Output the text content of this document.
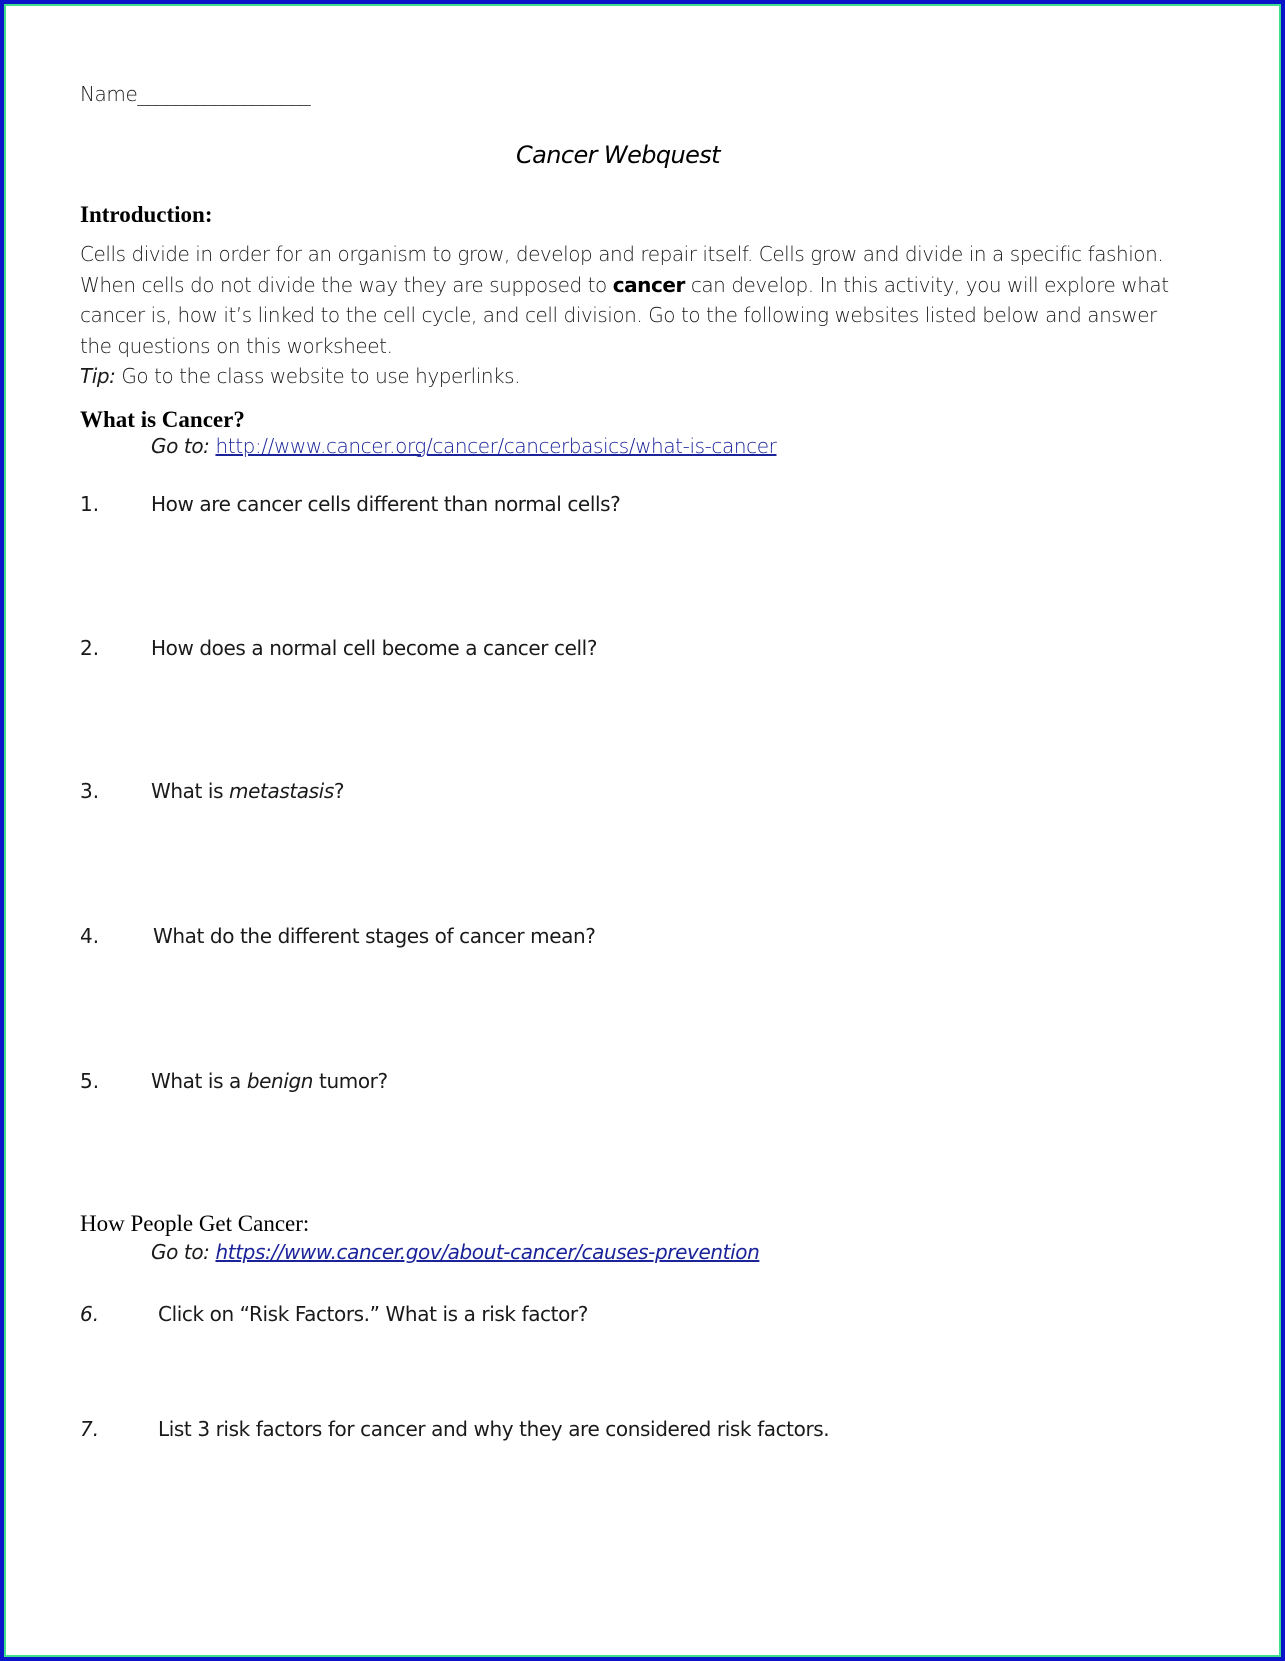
Name__________________
Cancer Webquest
Introduction:
Cells divide in order for an organism to grow, develop and repair itself. Cells grow and divide in a specific fashion. When cells do not divide the way they are supposed to cancer can develop. In this activity, you will explore what cancer is, how it’s linked to the cell cycle, and cell division. Go to the following websites listed below and answer the questions on this worksheet.
Tip: Go to the class website to use hyperlinks.
What is Cancer?
Go to: http://www.cancer.org/cancer/cancerbasics/what-is-cancer
1.	How are cancer cells different than normal cells?
2.	How does a normal cell become a cancer cell?
3.	What is metastasis?
4.	What do the different stages of cancer mean?
5.	What is a benign tumor?
How People Get Cancer:
Go to: https://www.cancer.gov/about-cancer/causes-prevention
6.	Click on “Risk Factors.” What is a risk factor?
7.	List 3 risk factors for cancer and why they are considered risk factors.
